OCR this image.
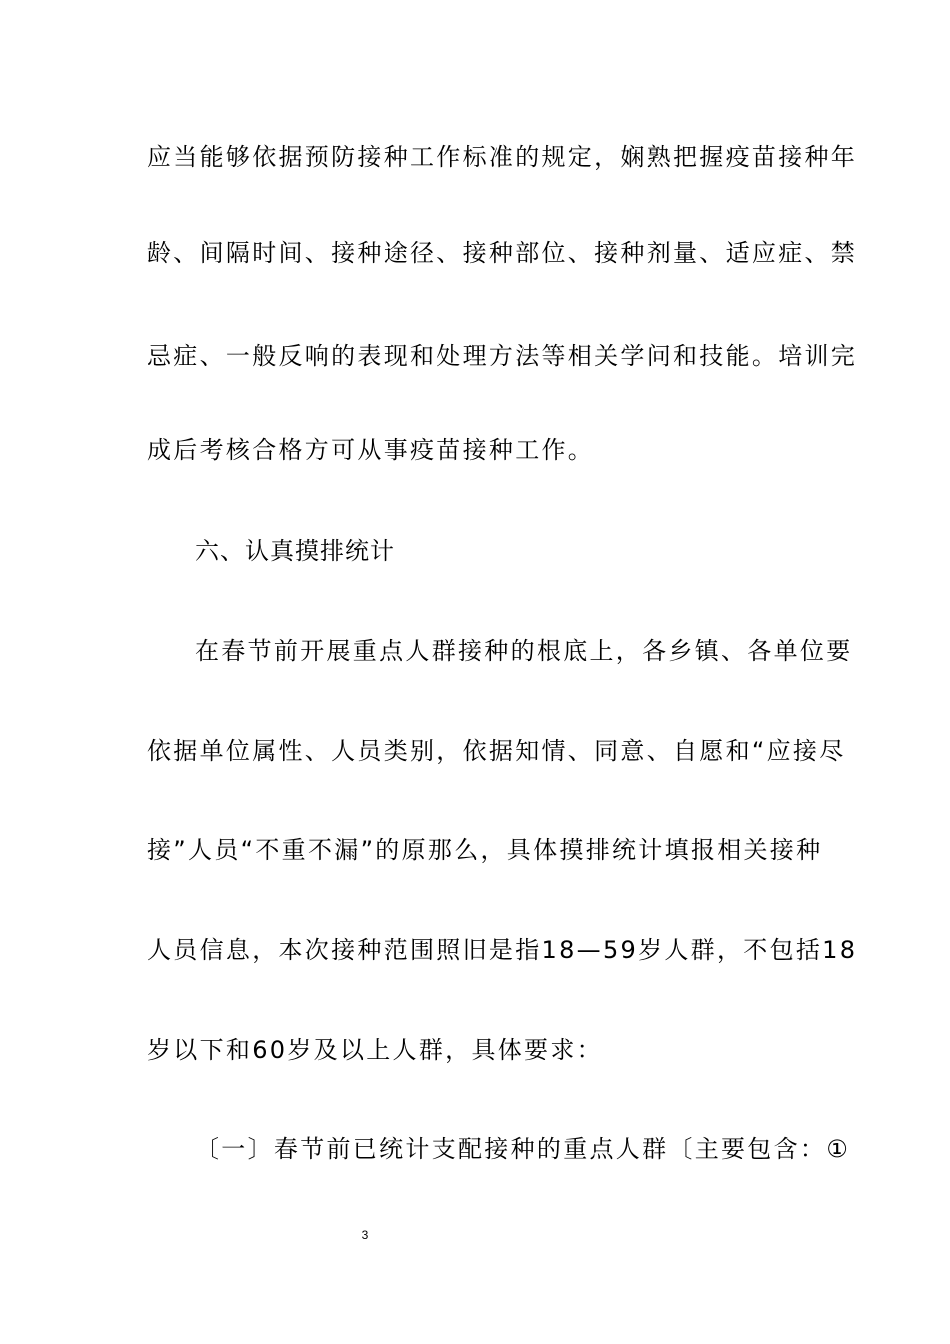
应当能够依据预防接种工作标准的规定，娴熟把握疫苗接种年
龄、间隔时间、接种途径、接种部位、接种剂量、适应症、禁
忌症、一般反响的表现和处理方法等相关学问和技能。培训完
成后考核合格方可从事疫苗接种工作。
六、认真摸排统计
在春节前开展重点人群接种的根底上，各乡镇、各单位要
依据单位属性、人员类别，依据知情、同意、自愿和“应接尽
接”人员“不重不漏”的原那么，具体摸排统计填报相关接种
人员信息，本次接种范围照旧是指18—59岁人群，不包括18
岁以下和60岁及以上人群，具体要求：
〔一〕春节前已统计支配接种的重点人群〔主要包含：①
3
